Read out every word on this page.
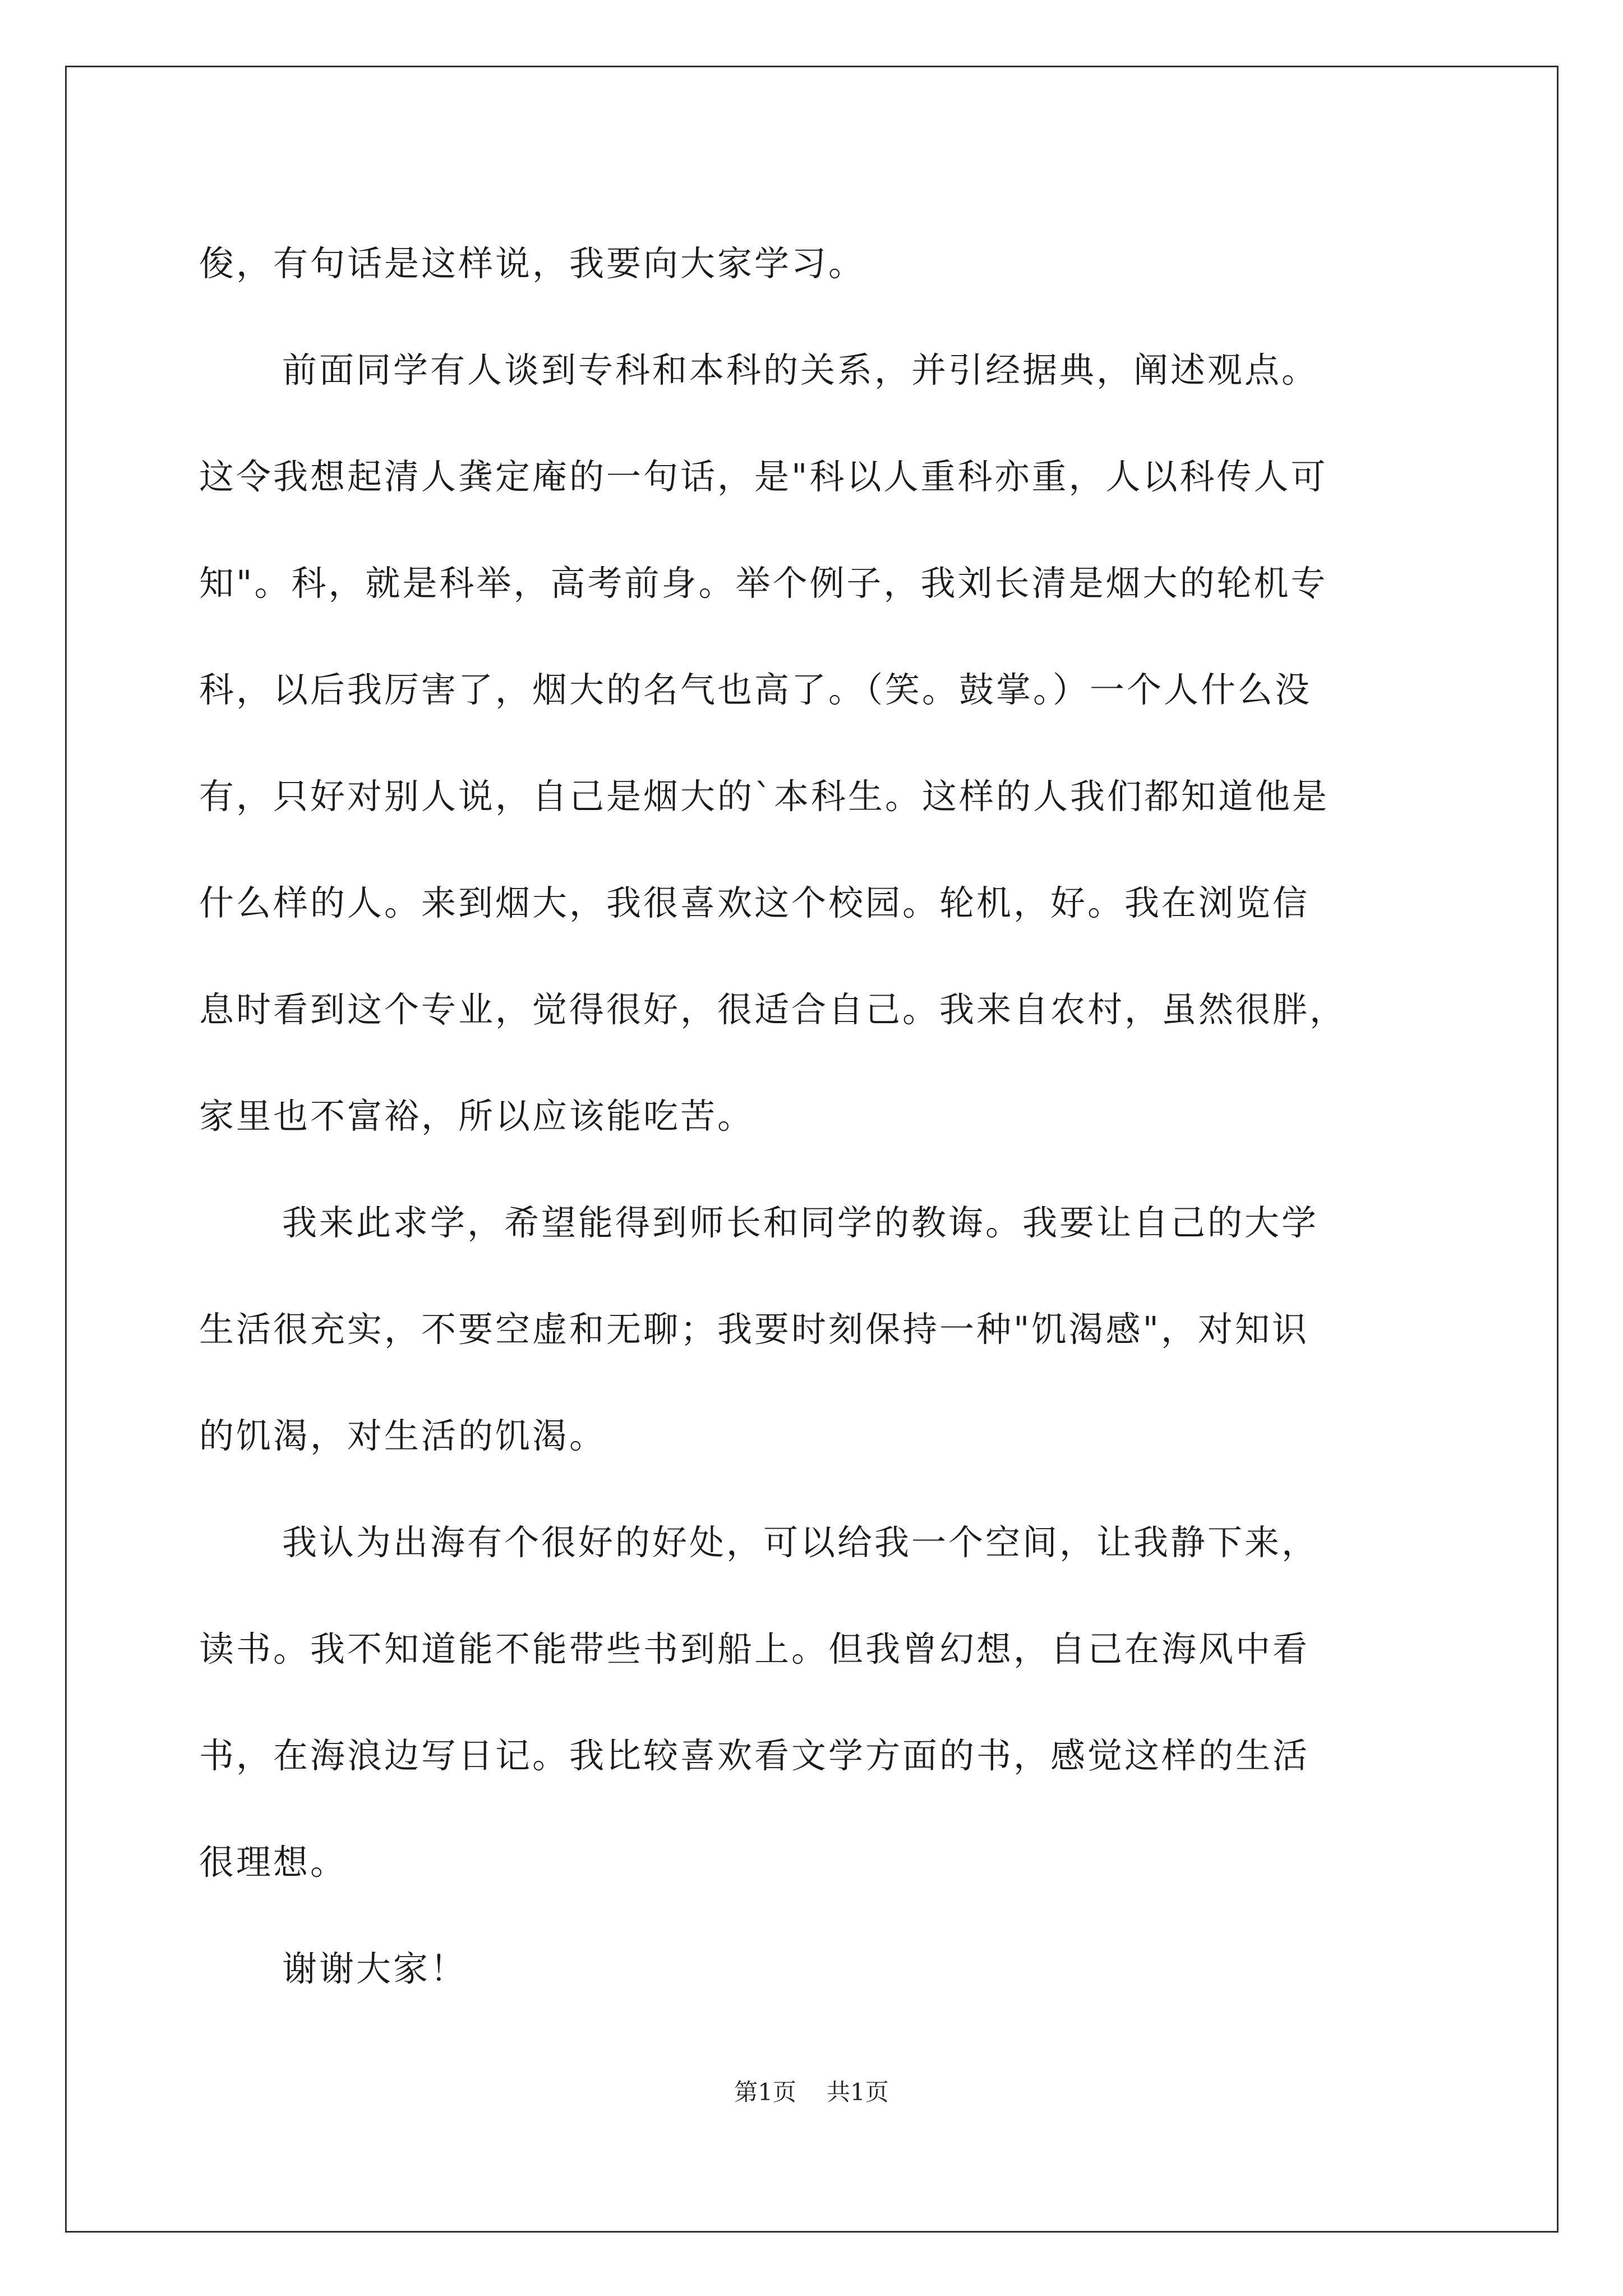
俊，有句话是这样说，我要向大家学习。
前面同学有人谈到专科和本科的关系，并引经据典，阐述观点。
这令我想起清人龚定庵的一句话，是"科以人重科亦重，人以科传人可
知"。科，就是科举，高考前身。举个例子，我刘长清是烟大的轮机专
科，以后我厉害了，烟大的名气也高了。（笑。鼓掌。）一个人什么没
有，只好对别人说，自己是烟大的`本科生。这样的人我们都知道他是
什么样的人。来到烟大，我很喜欢这个校园。轮机，好。我在浏览信
息时看到这个专业，觉得很好，很适合自己。我来自农村，虽然很胖，
家里也不富裕，所以应该能吃苦。
我来此求学，希望能得到师长和同学的教诲。我要让自己的大学
生活很充实，不要空虚和无聊；我要时刻保持一种"饥渴感"，对知识
的饥渴，对生活的饥渴。
我认为出海有个很好的好处，可以给我一个空间，让我静下来，
读书。我不知道能不能带些书到船上。但我曾幻想，自己在海风中看
书，在海浪边写日记。我比较喜欢看文学方面的书，感觉这样的生活
很理想。
谢谢大家！
第1页 共1页
